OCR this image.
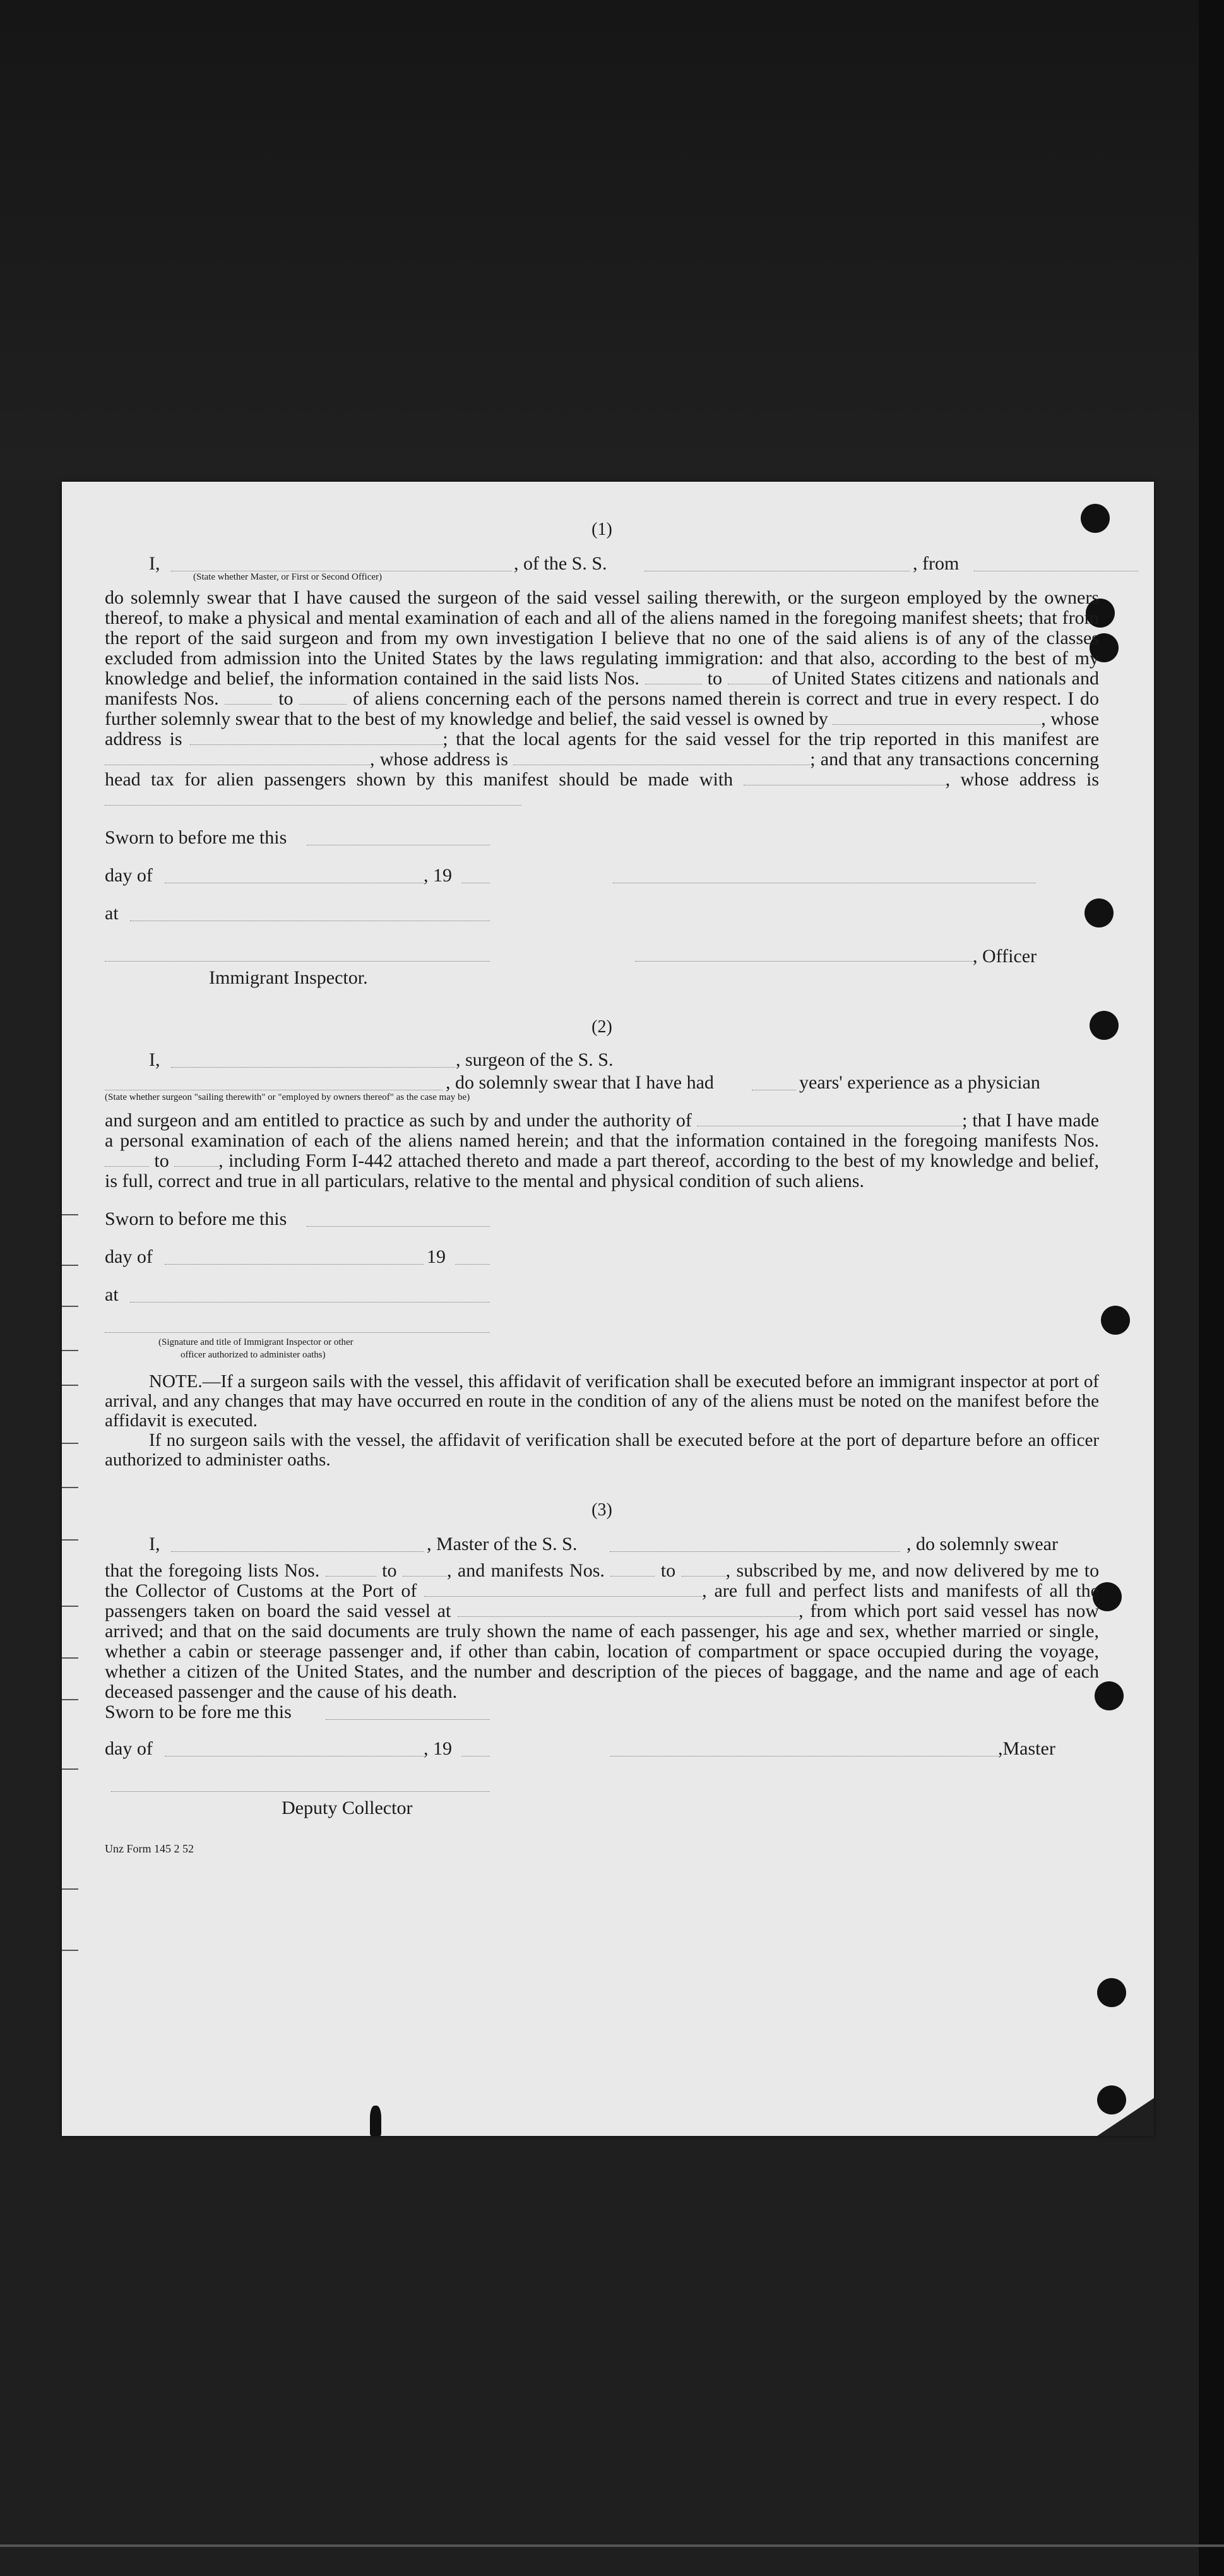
(1)

I,	, of the S. S.	, from
(State whether Master, or First or Second Officer)

do solemnly swear that I have caused the surgeon of the said vessel sailing therewith, or the surgeon employed by the owners thereof, to make a physical and mental examination of each and all of the aliens named in the foregoing manifest sheets; that from the report of the said surgeon and from my own investigation I believe that no one of the said aliens is of any of the classes excluded from admission into the United States by the laws regulating immigration: and that also, according to the best of my knowledge and belief, the information contained in the said lists Nos.	to	of United States citizens and nationals and manifests Nos.	to	of aliens concerning each of the persons named therein is correct and true in every respect. I do further solemnly swear that to the best of my knowledge and belief, the said vessel is owned by	, whose address is	; that the local agents for the said vessel for the trip reported in this manifest are , whose address is	; and that any transactions concerning head tax for alien passengers shown by this manifest should be made with	, whose address is

Sworn to before me this
day of	, 19
at
, Officer
Immigrant Inspector.

(2)

I,	, surgeon of the S. S.
, do solemnly swear that I have had	years' experience as a physician
(State whether surgeon "sailing therewith" or "employed by owners thereof" as the case may be)

and surgeon and am entitled to practice as such by and under the authority of	; that I have made a personal examination of each of the aliens named herein; and that the information contained in the foregoing manifests Nos.  to	, including Form I-442 attached thereto and made a part thereof, according to the best of my knowledge and belief, is full, correct and true in all particulars, relative to the mental and physical condition of such aliens.

Sworn to before me this
day of	19
at
(Signature and title of Immigrant Inspector or other
officer authorized to administer oaths)

NOTE.—If a surgeon sails with the vessel, this affidavit of verification shall be executed before an immigrant inspector at port of arrival, and any changes that may have occurred en route in the condition of any of the aliens must be noted on the manifest before the affidavit is executed.

If no surgeon sails with the vessel, the affidavit of verification shall be executed before at the port of departure before an officer authorized to administer oaths.

(3)

I,	, Master of the S. S.	, do solemnly swear

that the foregoing lists Nos.	to	, and manifests Nos.	to	, subscribed by me, and now delivered by me to the Collector of Customs at the Port of	, are full and perfect lists and manifests of all the passengers taken on board the said vessel at	, from which port said vessel has now arrived; and that on the said documents are truly shown the name of each passenger, his age and sex, whether married or single, whether a cabin or steerage passenger and, if other than cabin, location of compartment or space occupied during the voyage, whether a citizen of the United States, and the number and description of the pieces of baggage, and the name and age of each deceased passenger and the cause of his death.

Sworn to be fore me this
day of	, 19	,Master
Deputy Collector
Unz Form 145 2 52
